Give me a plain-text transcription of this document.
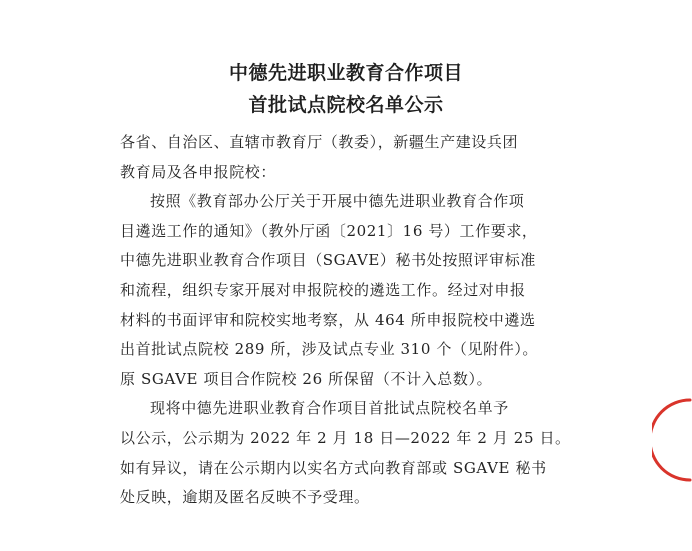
中德先进职业教育合作项目
首批试点院校名单公示
各省、自治区、直辖市教育厅（教委），新疆生产建设兵团
教育局及各申报院校：
按照《教育部办公厅关于开展中德先进职业教育合作项
目遴选工作的通知》（教外厅函〔2021〕16 号）工作要求，
中德先进职业教育合作项目（SGAVE）秘书处按照评审标准
和流程，组织专家开展对申报院校的遴选工作。经过对申报
材料的书面评审和院校实地考察，从 464 所申报院校中遴选
出首批试点院校 289 所，涉及试点专业 310 个（见附件）。
原 SGAVE 项目合作院校 26 所保留（不计入总数）。
现将中德先进职业教育合作项目首批试点院校名单予
以公示，公示期为 2022 年 2 月 18 日—2022 年 2 月 25 日。
如有异议，请在公示期内以实名方式向教育部或 SGAVE 秘书
处反映，逾期及匿名反映不予受理。
